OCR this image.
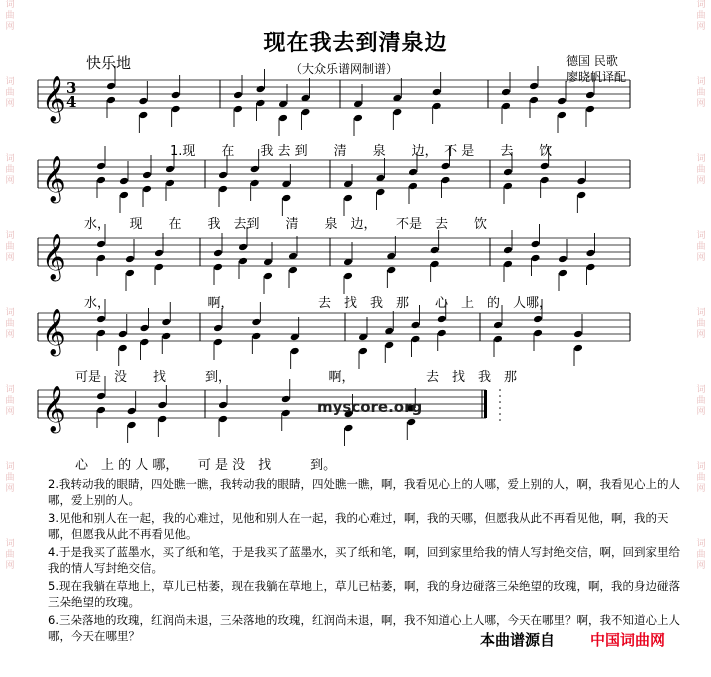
词
曲
网

词
曲
网

词
曲
网

词
曲
网

词
曲
网

词
曲
网

词
曲
网

词
曲
网

词
曲
网

词
曲
网

词
曲
网

词
曲
网

词
曲
网

词
曲
网

词
曲
网

词
曲
网

现在我去到清泉边
（大众乐谱网制谱）
快乐地	德国 民歌
廖晓帆译配
𝄞 3
4
𝄞
𝄞
𝄞
𝄞
1.现　　在　　我 去 到　　清　　泉　　边，　不 是　　去　　饮
水，　　现　　在　　我　去到　　清　　泉　边，　　不是　去　　饮
水，　　　　　　　　啊，　　　　　　　去　找　我　那　　心　上　的　人哪，
可是　没　　找　　　到，　　　　　　　　啊，　　　　　　去　找　我　那
心　上 的 人 哪，　　可 是 没　找　　　到。
myscore.org
2.我转动我的眼睛，四处瞧一瞧，我转动我的眼睛，四处瞧一瞧，啊，我看见心上的人哪，爱上别的人，啊，我看见心上的人哪，爱上别的人。
3.见他和别人在一起，我的心难过，见他和别人在一起，我的心难过，啊，我的天哪，但愿我从此不再看见他，啊，我的天哪，但愿我从此不再看见他。
4.于是我买了蓝墨水，买了纸和笔，于是我买了蓝墨水，买了纸和笔，啊，回到家里给我的情人写封绝交信，啊，回到家里给我的情人写封绝交信。
5.现在我躺在草地上，草儿已枯萎，现在我躺在草地上，草儿已枯萎，啊，我的身边碰落三朵绝望的玫瑰，啊，我的身边碰落三朵绝望的玫瑰。
6.三朵落地的玫瑰，红润尚未退，三朵落地的玫瑰，红润尚未退，啊，我不知道心上人哪，今天在哪里？啊，我不知道心上人哪，今天在哪里？	本曲谱源自 中国词曲网
